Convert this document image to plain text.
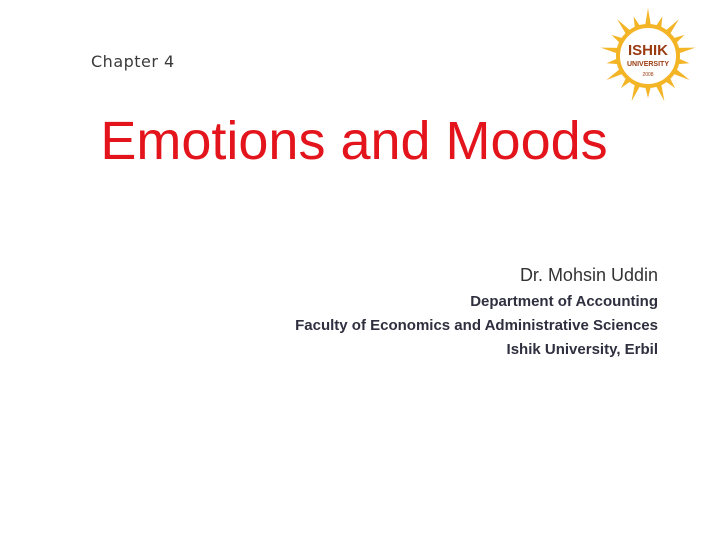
ISHIK
UNIVERSITY
2008
Chapter 4
Emotions and Moods
Dr. Mohsin Uddin
Department of Accounting
Faculty of Economics and Administrative Sciences
Ishik University, Erbil
